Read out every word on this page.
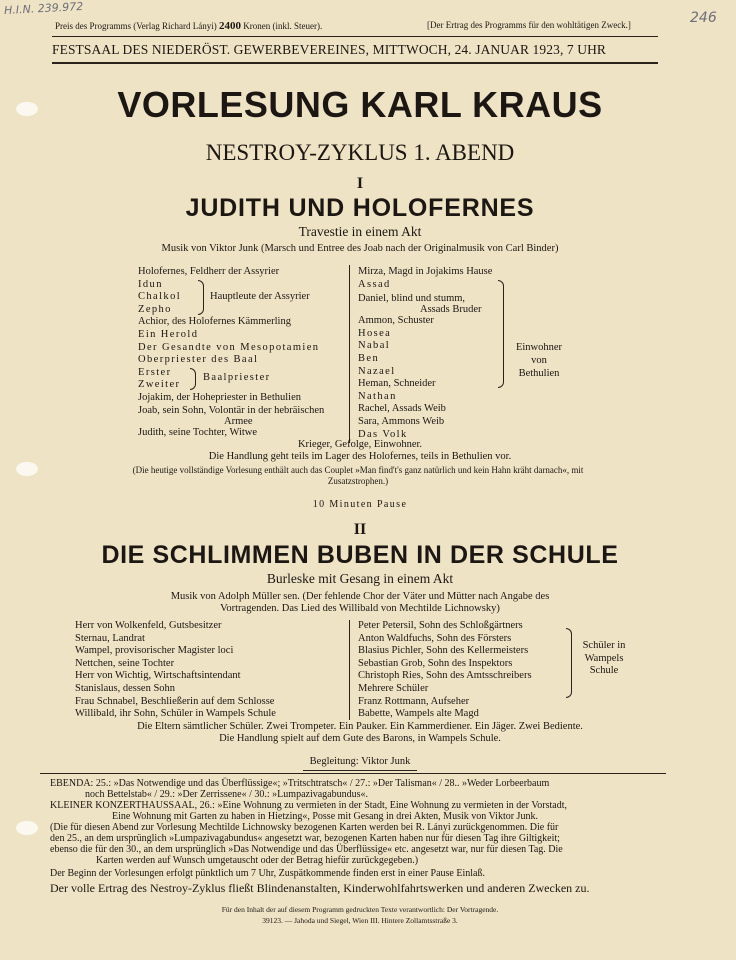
H.I.N. 239.972
246
Preis des Programms (Verlag Richard Lányi) 2400 Kronen (inkl. Steuer).	[Der Ertrag des Programms für den wohltätigen Zweck.]
FESTSAAL DES NIEDERÖST. GEWERBEVEREINES, MITTWOCH, 24. JANUAR 1923, 7 UHR
VORLESUNG KARL KRAUS
NESTROY-ZYKLUS 1. ABEND
I
JUDITH UND HOLOFERNES
Travestie in einem Akt
Musik von Viktor Junk (Marsch und Entree des Joab nach der Originalmusik von Carl Binder)
Holofernes, Feldherr der Assyrier
Idun
Chalkol
Zepho
Achior, des Holofernes Kämmerling
Ein Herold
Der Gesandte von Mesopotamien
Oberpriester des Baal
Erster
Zweiter
Jojakim, der Hohepriester in Bethulien
Joab, sein Sohn, Volontär in der hebräischen
Armee
Judith, seine Tochter, Witwe
Hauptleute der Assyrier
Baalpriester
Mirza, Magd in Jojakims Hause
Assad
Daniel, blind und stumm,
Assads Bruder
Ammon, Schuster
Hosea
Nabal
Ben
Nazael
Heman, Schneider
Nathan
Rachel, Assads Weib
Sara, Ammons Weib
Das Volk
Einwohner von Bethulien
Krieger, Gefolge, Einwohner.
Die Handlung geht teils im Lager des Holofernes, teils in Bethulien vor.
(Die heutige vollständige Vorlesung enthält auch das Couplet »Man find't's ganz natürlich und kein Hahn kräht darnach«, mit Zusatzstrophen.)
10 Minuten Pause
II
DIE SCHLIMMEN BUBEN IN DER SCHULE
Burleske mit Gesang in einem Akt
Musik von Adolph Müller sen. (Der fehlende Chor der Väter und Mütter nach Angabe des
Vortragenden. Das Lied des Willibald von Mechtilde Lichnowsky)
Herr von Wolkenfeld, Gutsbesitzer
Sternau, Landrat
Wampel, provisorischer Magister loci
Nettchen, seine Tochter
Herr von Wichtig, Wirtschaftsintendant
Stanislaus, dessen Sohn
Frau Schnabel, Beschließerin auf dem Schlosse
Willibald, ihr Sohn, Schüler in Wampels Schule
Peter Petersil, Sohn des Schloßgärtners
Anton Waldfuchs, Sohn des Försters
Blasius Pichler, Sohn des Kellermeisters
Sebastian Grob, Sohn des Inspektors
Christoph Ries, Sohn des Amtsschreibers
Mehrere Schüler
Franz Rottmann, Aufseher
Babette, Wampels alte Magd
Schüler in Wampels Schule
Die Eltern sämtlicher Schüler. Zwei Trompeter. Ein Pauker. Ein Kammerdiener. Ein Jäger. Zwei Bediente.
Die Handlung spielt auf dem Gute des Barons, in Wampels Schule.
Begleitung: Viktor Junk
EBENDA: 25.: »Das Notwendige und das Überflüssige«; »Tritschtratsch« / 27.: »Der Talisman« / 28.. »Weder Lorbeerbaum
noch Bettelstab« / 29.: »Der Zerrissene« / 30.: »Lumpazivagabundus«.
KLEINER KONZERTHAUSSAAL, 26.: »Eine Wohnung zu vermieten in der Stadt, Eine Wohnung zu vermieten in der Vorstadt,
Eine Wohnung mit Garten zu haben in Hietzing«, Posse mit Gesang in drei Akten, Musik von Viktor Junk.
(Die für diesen Abend zur Vorlesung Mechtilde Lichnowsky bezogenen Karten werden bei R. Lányi zurückgenommen. Die für
den 25., an dem ursprünglich »Lumpazivagabundus« angesetzt war, bezogenen Karten haben nur für diesen Tag ihre Giltigkeit;
ebenso die für den 30., an dem ursprünglich »Das Notwendige und das Überflüssige« etc. angesetzt war, nur für diesen Tag. Die
Karten werden auf Wunsch umgetauscht oder der Betrag hiefür zurückgegeben.)
Der Beginn der Vorlesungen erfolgt pünktlich um 7 Uhr, Zuspätkommende finden erst in einer Pause Einlaß.
Der volle Ertrag des Nestroy-Zyklus fließt Blindenanstalten, Kinderwohlfahrtswerken und anderen Zwecken zu.
Für den Inhalt der auf diesem Programm gedruckten Texte verantwortlich: Der Vortragende.
39123. — Jahoda und Siegel, Wien III. Hintere Zollamtsstraße 3.
